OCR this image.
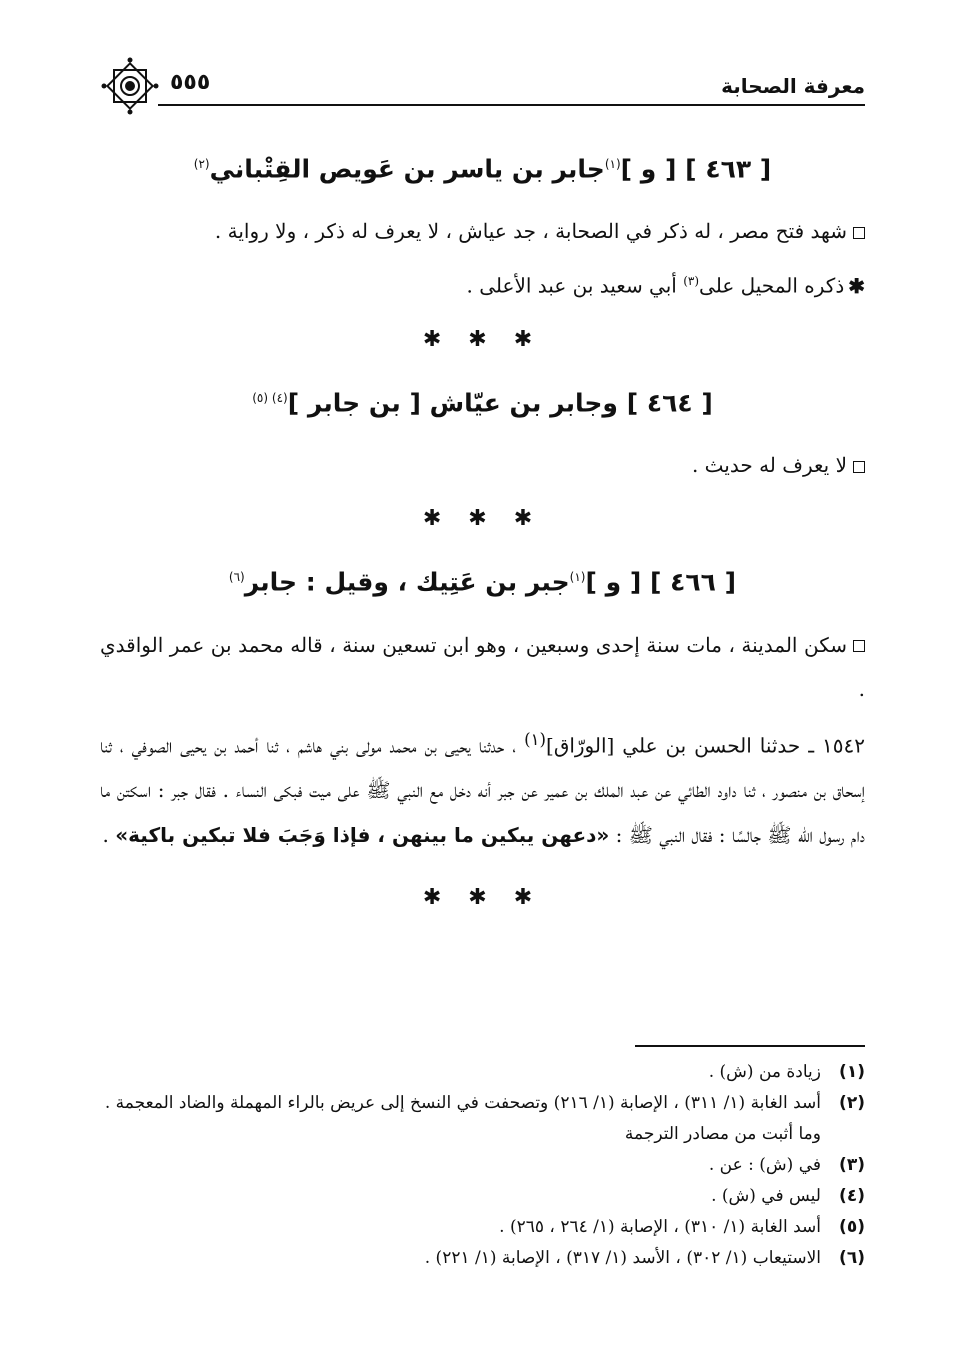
معرفة الصحابة
٥٥٥
[ ٤٦٣ ] [ و ]$^{(١)}$جابر بن ياسر بن عَويص القِتْباني$^{(٢)}$

شهد فتح مصر ، له ذكر في الصحابة ، جد عياش ، لا يعرف له ذكر ، ولا رواية .

✱ذكره المحيل على$^{(٣)}$ أبي سعيد بن عبد الأعلى .

✱ ✱ ✱
[ ٤٦٤ ] وجابر بن عيّاش [ بن جابر ]$^{(٤) (٥)}$

لا يعرف له حديث .

✱ ✱ ✱
[ ٤٦٦ ] [ و ]$^{(١)}$جبر بن عَتِيك ، وقيل : جابر$^{(٦)}$

سكن المدينة ، مات سنة إحدى وسبعين ، وهو ابن تسعين سنة ، قاله محمد بن عمر الواقدي .

١٥٤٢ ـ حدثنا الحسن بن علي [الورّاق]$^{(١)}$ ، حدثنا يحيى بن محمد مولى بني هاشم ، ثنا أحمد بن يحيى الصوفي ، ثنا إسحاق بن منصور ، ثنا داود الطائي عن عبد الملك بن عمير عن جبر أنه دخل مع النبي ﷺ على ميت فبكى النساء . فقال جبر : اسكتن ما دام رسول الله ﷺ جالسًا : فقال النبي ﷺ : «دعهن يبكين ما بينهن ، فإذا وَجَبَ فلا تبكين باكية» .

✱ ✱ ✱
(١)
زيادة من (ش) .
(٢)
أسد الغابة (١/ ٣١١) ، الإصابة (١/ ٢١٦) وتصحفت في النسخ إلى عريض بالراء المهملة والضاد المعجمة . وما أثبت من مصادر الترجمة
(٣)
في (ش) : عن .
(٤)
ليس في (ش) .
(٥)
أسد الغابة (١/ ٣١٠) ، الإصابة (١/ ٢٦٤ ، ٢٦٥) .
(٦)
الاستيعاب (١/ ٣٠٢) ، الأسد (١/ ٣١٧) ، الإصابة (١/ ٢٢١) .
